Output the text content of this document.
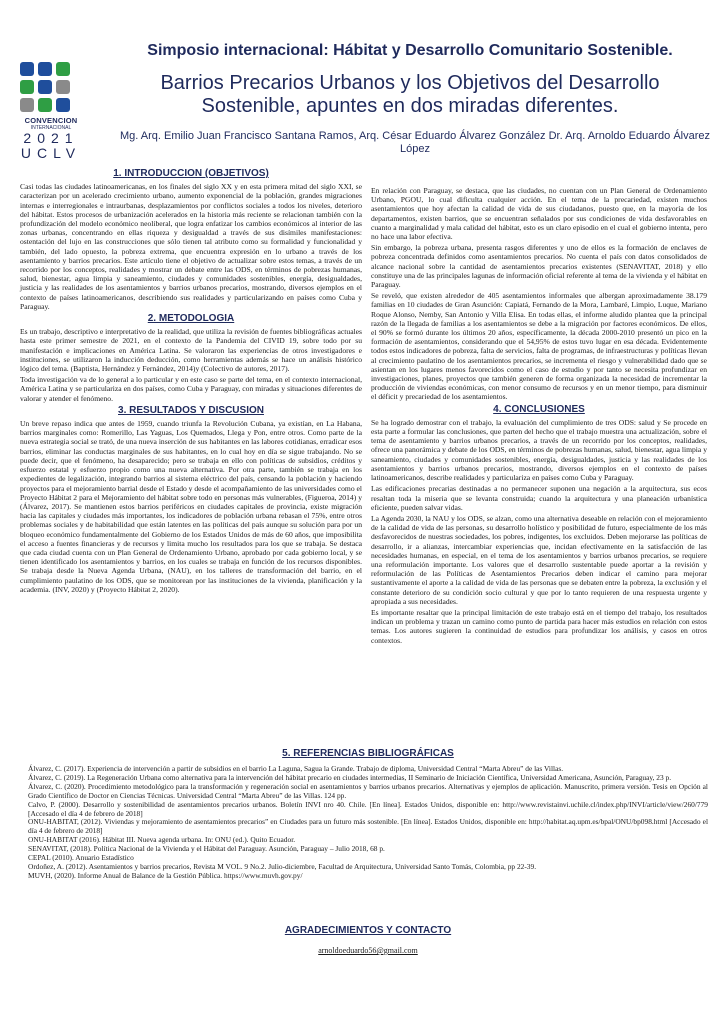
CONVENCION
INTERNACIONAL
2021
UCLV
Simposio internacional: Hábitat y Desarrollo Comunitario Sostenible.
Barrios Precarios Urbanos y los Objetivos del Desarrollo
Sostenible, apuntes en dos miradas diferentes.
Mg. Arq. Emilio Juan Francisco Santana Ramos, Arq. César Eduardo Álvarez González Dr. Arq. Arnoldo Eduardo Álvarez López
1. INTRODUCCION (OBJETIVOS)

Casi todas las ciudades latinoamericanas, en los finales del siglo XX y en esta primera mitad del siglo XXI, se caracterizan por un acelerado crecimiento urbano, aumento exponencial de la población, grandes migraciones internas e interregionales e intraurbanas, desplazamientos por conflictos sociales a todos los niveles, deterioro del hábitat. Estos procesos de urbanización acelerados en la historia más reciente se relacionan también con la profundización del modelo económico neoliberal, que logra enfatizar los cambios económicos al interior de las zonas urbanas, concentrando en ellas riqueza y desigualdad a través de sus disímiles manifestaciones: ostentación del lujo en las construcciones que sólo tienen tal atributo como su formalidad y funcionalidad y también, del lado opuesto, la pobreza extrema, que encuentra expresión en lo urbano a través de los asentamiento y barrios precarios. Este artículo tiene el objetivo de actualizar sobre estos temas, a través de un recorrido por los conceptos, realidades y mostrar un debate entre las ODS, en términos de pobrezas humanas, salud, bienestar, agua limpia y saneamiento, ciudades y comunidades sostenibles, energía, desigualdades, justicia y las realidades de los asentamientos y barrios urbanos precarios, mostrando, diversos ejemplos en el contexto de países latinoamericanos, describiendo sus realidades y particularizando en países como Cuba y Paraguay.

2. METODOLOGIA

Es un trabajo, descriptivo e interpretativo de la realidad, que utiliza la revisión de fuentes bibliográficas actuales hasta este primer semestre de 2021, en el contexto de la Pandemia del CIVID 19, sobre todo por su manifestación e implicaciones en América Latina. Se valoraron las experiencias de otros investigadores e instituciones, se utilizaron la inducción deducción, como herramientas además se hace un análisis histórico lógico del tema. (Baptista, Hernández y Fernández, 2014)y (Colectivo de autores, 2017).

Toda investigación va de lo general a lo particular y en este caso se parte del tema, en el contexto internacional, América Latina y se particulariza en dos países, como Cuba y Paraguay, con miradas y situaciones diferentes de valorar y atender el fenómeno.

3. RESULTADOS Y DISCUSION

Un breve repaso indica que antes de 1959, cuando triunfa la Revolución Cubana, ya existían, en La Habana, barrios marginales como: Romerillo, Las Yaguas, Los Quemados, Llega y Pon, entre otros. Como parte de la nueva estrategia social se trató, de una nueva inserción de sus habitantes en las labores cotidianas, erradicar esos barrios, eliminar las conductas marginales de sus habitantes, en lo cual hoy en día se sigue trabajando. No se puede decir, que el fenómeno, ha desaparecido; pero se trabaja en ello con políticas de subsidios, créditos y esfuerzo estatal y esfuerzo propio como una nueva alternativa. Por otra parte, también se trabaja en los expedientes de legalización, integrando barrios al sistema eléctrico del país, censando la población y haciendo proyectos para el mejoramiento barrial desde el Estado y desde el acompañamiento de las universidades como el Proyecto Hábitat 2 para el Mejoramiento del hábitat sobre todo en personas más vulnerables, (Figueroa, 2014) y (Álvarez, 2017). Se mantienen estos barrios periféricos en ciudades capitales de provincia, existe migración hacia las capitales y ciudades más importantes, los indicadores de población urbana rebasan el 75%, entre otros problemas sociales y de habitabilidad que están latentes en las políticas del país aunque su solución para por un bloqueo económico fundamentalmente del Gobierno de los Estados Unidos de más de 60 años, que imposibilita el acceso a fuentes financieras y de recursos y limita mucho los resultados para los que se trabaja. Se destaca que cada ciudad cuenta con un Plan General de Ordenamiento Urbano, aprobado por cada gobierno local, y se tienen identificado los asentamientos y barrios, en los cuales se trabaja en función de los recursos disponibles. Se trabaja desde la Nueva Agenda Urbana, (NAU), en los talleres de transformación del barrio, en el cumplimiento paulatino de los ODS, que se monitorean por las instituciones de la vivienda, planificación y la academia. (INV, 2020) y (Proyecto Hábitat 2, 2020).

En relación con Paraguay, se destaca, que las ciudades, no cuentan con un Plan General de Ordenamiento Urbano, PGOU, lo cual dificulta cualquier acción. En el tema de la precariedad, existen muchos asentamientos que hoy afectan la calidad de vida de sus ciudadanos, puesto que, en la mayoría de los departamentos, existen barrios, que se encuentran señalados por sus condiciones de vida desfavorables en cuanto a marginalidad y mala calidad del hábitat, esto es un claro episodio en el cual el gobierno intenta, pero no hace una labor efectiva.

Sin embargo, la pobreza urbana, presenta rasgos diferentes y uno de ellos es la formación de enclaves de pobreza concentrada definidos como asentamientos precarios. No cuenta el país con datos consolidados de alcance nacional sobre la cantidad de asentamientos precarios existentes (SENAVITAT, 2018) y ello constituye una de las principales lagunas de información oficial referente al tema de la vivienda y el hábitat en Paraguay.

Se reveló, que existen alrededor de 405 asentamientos informales que albergan aproximadamente 38.179 familias en 10 ciudades de Gran Asunción: Capiatá, Fernando de la Mora, Lambaré, Limpio, Luque, Mariano Roque Alonso, Nemby, San Antonio y Villa Elisa. En todas ellas, el informe aludido plantea que la principal razón de la llegada de familias a los asentamientos se debe a la migración por factores económicos. De ellos, el 90% se formó durante los últimos 20 años, específicamente, la década 2000-2010 presentó un pico en la formación de asentamientos, considerando que el 54,95% de estos tuvo lugar en esa década. Evidentemente todos estos indicadores de pobreza, falta de servicios, falta de programas, de infraestructuras y políticas llevan al crecimiento paulatino de los asentamientos precarios, se incrementa el riesgo y vulnerabilidad dado que se asientan en los lugares menos favorecidos como el caso de estudio y por tanto se necesita profundizar en investigaciones, planes, proyectos que también generen de forma organizada la necesidad de incrementar la producción de viviendas económicas, con menor consumo de recursos y en un menor tiempo, para disminuir el déficit y precariedad de los asentamientos.

4. CONCLUSIONES

Se ha logrado demostrar con el trabajo, la evaluación del cumplimiento de tres ODS: salud y Se procede en esta parte a formular las conclusiones, que parten del hecho que el trabajo muestra una actualización, sobre el tema de asentamiento y barrios urbanos precarios, a través de un recorrido por los conceptos, realidades, ofrece una panorámica y debate de los ODS, en términos de pobrezas humanas, salud, bienestar, agua limpia y saneamiento, ciudades y comunidades sostenibles, energía, desigualdades, justicia y las realidades de los asentamientos y barrios urbanos precarios, mostrando, diversos ejemplos en el contexto de países latinoamericanos, describe realidades y particulariza en países como Cuba y Paraguay.

Las edificaciones precarias destinadas a no permanecer suponen una negación a la arquitectura, sus ecos resaltan toda la miseria que se levanta construida; cuando la arquitectura y una planeación urbanística eficiente, pueden salvar vidas.

La Agenda 2030, la NAU y los ODS, se alzan, como una alternativa deseable en relación con el mejoramiento de la calidad de vida de las personas, su desarrollo holístico y posibilidad de futuro, especialmente de los más desfavorecidos de nuestras sociedades, los pobres, indigentes, los excluidos. Deben mejorarse las políticas de desarrollo, ir a alianzas, intercambiar experiencias que, incidan efectivamente en la satisfacción de las necesidades humanas, en especial, en el tema de los asentamientos y barrios urbanos precarios, se requiere una reformulación importante. Los valores que el desarrollo sustentable puede aportar a la revisión y reformulación de las Políticas de Asentamientos Precarios deben indicar el camino para mejorar sustantivamente el aporte a la calidad de vida de las personas que se debaten entre la pobreza, la exclusión y el constante deterioro de su condición socio cultural y que por lo tanto requieren de una respuesta urgente y apropiada a sus necesidades.

Es importante resaltar que la principal limitación de este trabajo está en el tiempo del trabajo, los resultados indican un problema y trazan un camino como punto de partida para hacer más estudios en relación con estos temas. Los autores sugieren la continuidad de estudios para profundizar los análisis, y casos en otros contextos.

5. REFERENCIAS BIBLIOGRÁFICAS

Álvarez, C. (2017). Experiencia de intervención a partir de subsidios en el barrio La Laguna, Sagua la Grande. Trabajo de diploma, Universidad Central “Marta Abreu” de las Villas.

Álvarez, C. (2019). La Regeneración Urbana como alternativa para la intervención del hábitat precario en ciudades intermedias, II Seminario de Iniciación Científica, Universidad Americana, Asunción, Paraguay, 23 p.

Álvarez, C. (2020). Procedimiento metodológico para la transformación y regeneración social en asentamientos y barrios urbanos precarios. Alternativas y ejemplos de aplicación. Manuscrito, primera versión. Tesis en Opción al Grado Científico de Doctor en Ciencias Técnicas. Universidad Central “Marta Abreu” de las Villas. 124 pp.

Calvo, P. (2000). Desarrollo y sostenibilidad de asentamientos precarios urbanos. Boletín INVI nro 40. Chile. [En línea]. Estados Unidos, disponible en: http://www.revistainvi.uchile.cl/index.php/INVI/article/view/260/779 [Accesado el día 4 de febrero de 2018]

ONU-HABITAT, (2012). Viviendas y mejoramiento de asentamientos precarios” en Ciudades para un futuro más sostenible. [En línea]. Estados Unidos, disponible en: http://habitat.aq.upm.es/bpal/ONU/bp098.html [Accesado el día 4 de febrero de 2018]

ONU-HABITAT (2016). Hábitat III. Nueva agenda urbana. In: ONU (ed.). Quito Ecuador.

SENAVITAT, (2018). Política Nacional de la Vivienda y el Hábitat del Paraguay. Asunción, Paraguay – Julio 2018, 68 p.

CEPAL (2010). Anuario Estadístico

Ordoñez, A. (2012). Asentamientos y barrios precarios, Revista M VOL. 9 No.2. Julio-diciembre, Facultad de Arquitectura, Universidad Santo Tomás, Colombia, pp 22-39.

MUVH, (2020). Informe Anual de Balance de la Gestión Pública. https://www.muvh.gov.py/

AGRADECIMIENTOS Y CONTACTO
arnoldoeduardo56@gmail.com
